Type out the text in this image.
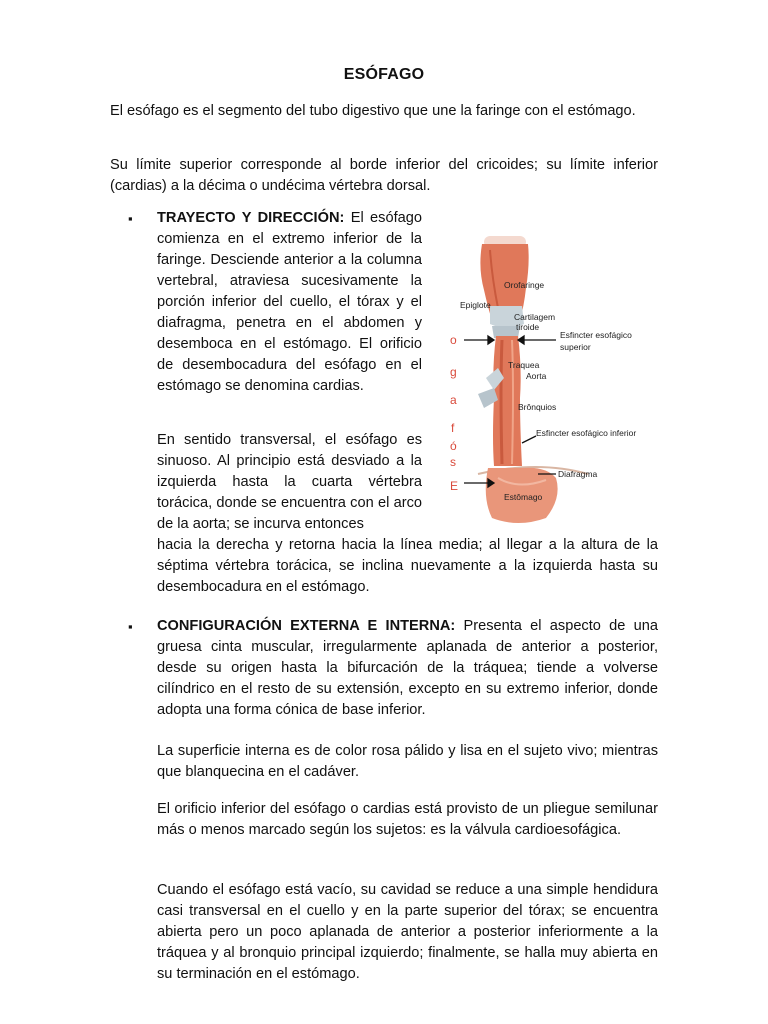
ESÓFAGO

El esófago es el segmento del tubo digestivo que une la faringe con el estómago.

Su límite superior corresponde al borde inferior del cricoides; su límite inferior (cardias) a la décima o undécima vértebra dorsal.

▪ TRAYECTO Y DIRECCIÓN: El esófago comienza en el extremo inferior de la faringe. Desciende anterior a la columna vertebral, atraviesa sucesivamente la porción inferior del cuello, el tórax y el diafragma, penetra en el abdomen y desemboca en el estómago. El orificio de desembocadura del esófago en el estómago se denomina cardias.

En sentido transversal, el esófago es sinuoso. Al principio está desviado a la izquierda hasta la cuarta vértebra torácica, donde se encuentra con el arco de la aorta; se incurva entonces

hacia la derecha y retorna hacia la línea media; al llegar a la altura de la séptima vértebra torácica, se inclina nuevamente a la izquierda hasta su desembocadura en el estómago.

▪ CONFIGURACIÓN EXTERNA E INTERNA: Presenta el aspecto de una gruesa cinta muscular, irregularmente aplanada de anterior a posterior, desde su origen hasta la bifurcación de la tráquea; tiende a volverse cilíndrico en el resto de su extensión, excepto en su extremo inferior, donde adopta una forma cónica de base inferior.

La superficie interna es de color rosa pálido y lisa en el sujeto vivo; mientras que blanquecina en el cadáver.

El orificio inferior del esófago o cardias está provisto de un pliegue semilunar más o menos marcado según los sujetos: es la válvula cardioesofágica.

Cuando el esófago está vacío, su cavidad se reduce a una simple hendidura casi transversal en el cuello y en la parte superior del tórax; se encuentra abierta pero un poco aplanada de anterior a posterior inferiormente a la tráquea y al bronquio principal izquierdo; finalmente, se halla muy abierta en su terminación en el estómago.

Orofaringe
Epiglote
Cartilagem
tiroide
Esfincter esofágico
superior
Traquea
Aorta
Brônquios
Esfincter esofágico inferior
Diafragma
Estômago
o
g
a
f
ó
s
E
